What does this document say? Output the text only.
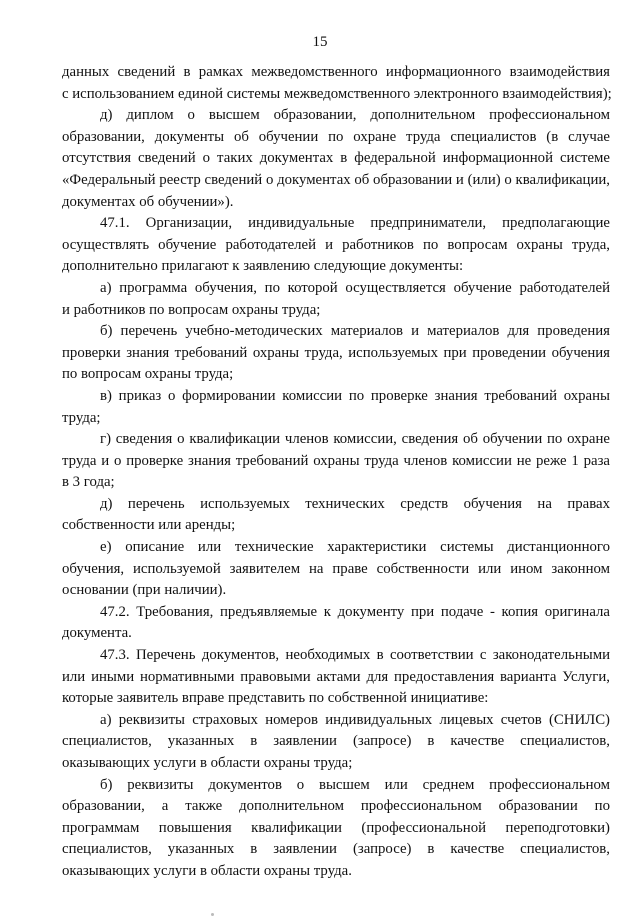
15

данных сведений в рамках межведомственного информационного взаимодействия
с использованием единой системы межведомственного электронного взаимодействия);

д) диплом о высшем образовании, дополнительном профессиональном
образовании, документы об обучении по охране труда специалистов (в случае
отсутствия сведений о таких документах в федеральной информационной системе
«Федеральный реестр сведений о документах об образовании и (или) о квалификации,
документах об обучении»).

47.1. Организации, индивидуальные предприниматели, предполагающие
осуществлять обучение работодателей и работников по вопросам охраны труда,
дополнительно прилагают к заявлению следующие документы:

а) программа обучения, по которой осуществляется обучение работодателей
и работников по вопросам охраны труда;

б) перечень учебно-методических материалов и материалов для проведения
проверки знания требований охраны труда, используемых при проведении обучения
по вопросам охраны труда;

в) приказ о формировании комиссии по проверке знания требований охраны
труда;

г) сведения о квалификации членов комиссии, сведения об обучении по охране
труда и о проверке знания требований охраны труда членов комиссии не реже 1 раза
в 3 года;

д) перечень используемых технических средств обучения на правах
собственности или аренды;

е) описание или технические характеристики системы дистанционного
обучения, используемой заявителем на праве собственности или ином законном
основании (при наличии).

47.2. Требования, предъявляемые к документу при подаче - копия оригинала
документа.

47.3. Перечень документов, необходимых в соответствии с законодательными
или иными нормативными правовыми актами для предоставления варианта Услуги,
которые заявитель вправе представить по собственной инициативе:

а) реквизиты страховых номеров индивидуальных лицевых счетов (СНИЛС)
специалистов, указанных в заявлении (запросе) в качестве специалистов,
оказывающих услуги в области охраны труда;

б) реквизиты документов о высшем или среднем профессиональном
образовании, а также дополнительном профессиональном образовании по
программам повышения квалификации (профессиональной переподготовки)
специалистов, указанных в заявлении (запросе) в качестве специалистов,
оказывающих услуги в области охраны труда.
